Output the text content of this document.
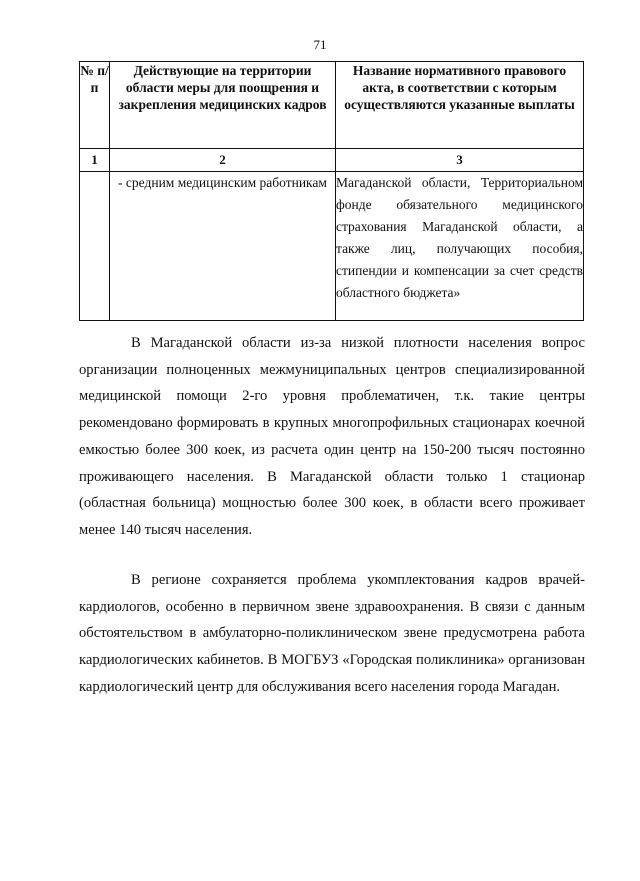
71
№ п/п	Действующие на территории области меры для поощрения и закрепления медицинских кадров	Название нормативного правового акта, в соответствии с которым осуществляются указанные выплаты
1	2	3
	- средним медицинским работникам	Магаданской области, Территориальном фонде обязательного медицинского страхования Магаданской области, а также лиц, получающих пособия, стипендии и компенсации за счет средств областного бюджета»

В Магаданской области из-за низкой плотности населения вопрос организации полноценных межмуниципальных центров специализированной медицинской помощи 2-го уровня проблематичен, т.к. такие центры рекомендовано формировать в крупных многопрофильных стационарах коечной емкостью более 300 коек, из расчета один центр на 150-200 тысяч постоянно проживающего населения. В Магаданской области только 1 стационар (областная больница) мощностью более 300 коек, в области всего проживает менее 140 тысяч населения.

В регионе сохраняется проблема укомплектования кадров врачей-кардиологов, особенно в первичном звене здравоохранения. В связи с данным обстоятельством в амбулаторно-поликлиническом звене предусмотрена работа кардиологических кабинетов. В МОГБУЗ «Городская поликлиника» организован кардиологический центр для обслуживания всего населения города Магадан.
